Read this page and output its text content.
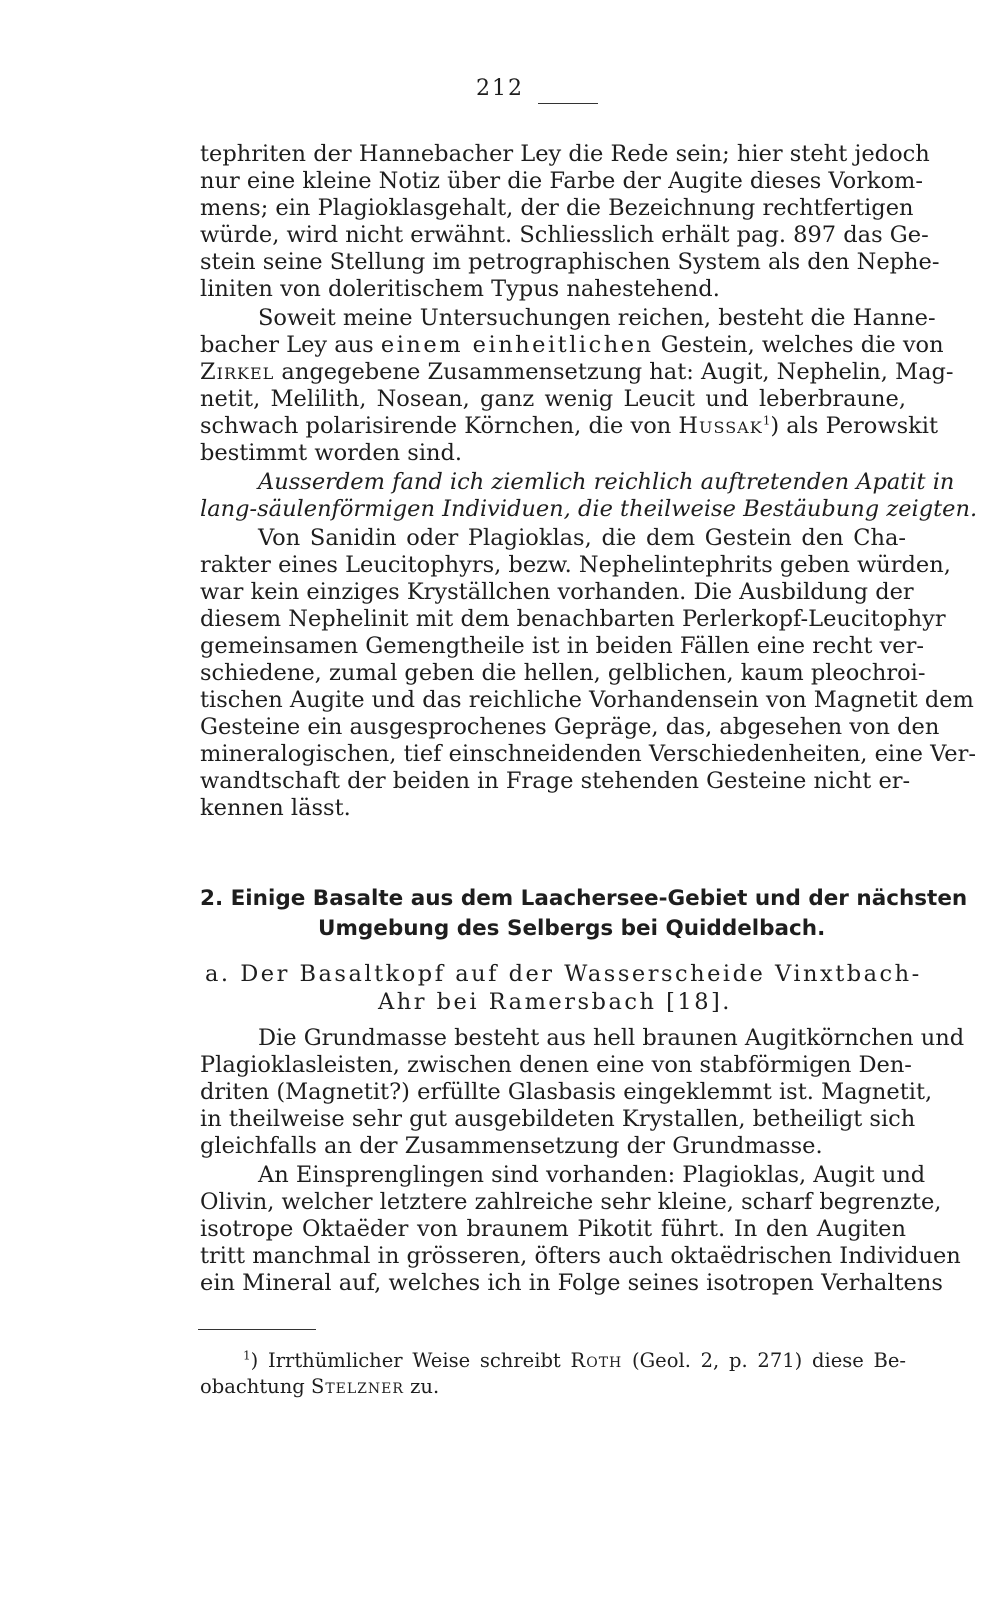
212
tephriten der Hannebacher Ley die Rede sein; hier steht jedoch
nur eine kleine Notiz über die Farbe der Augite dieses Vorkom-
mens; ein Plagioklasgehalt, der die Bezeichnung rechtfertigen
würde, wird nicht erwähnt. Schliesslich erhält pag. 897 das Ge-
stein seine Stellung im petrographischen System als den Nephe-
liniten von doleritischem Typus nahestehend.
Soweit meine Untersuchungen reichen, besteht die Hanne-
bacher Ley aus einem einheitlichen Gestein, welches die von
Zirkel angegebene Zusammensetzung hat: Augit, Nephelin, Mag-
netit, Melilith, Nosean, ganz wenig Leucit und leberbraune,
schwach polarisirende Körnchen, die von Hussak$^1$) als Perowskit
bestimmt worden sind.
Ausserdem fand ich ziemlich reichlich auftretenden Apatit in
lang-säulenförmigen Individuen, die theilweise Bestäubung zeigten.
Von Sanidin oder Plagioklas, die dem Gestein den Cha-
rakter eines Leucitophyrs, bezw. Nephelintephrits geben würden,
war kein einziges Kryställchen vorhanden. Die Ausbildung der
diesem Nephelinit mit dem benachbarten Perlerkopf-Leucitophyr
gemeinsamen Gemengtheile ist in beiden Fällen eine recht ver-
schiedene, zumal geben die hellen, gelblichen, kaum pleochroi-
tischen Augite und das reichliche Vorhandensein von Magnetit dem
Gesteine ein ausgesprochenes Gepräge, das, abgesehen von den
mineralogischen, tief einschneidenden Verschiedenheiten, eine Ver-
wandtschaft der beiden in Frage stehenden Gesteine nicht er-
kennen lässt.
2. Einige Basalte aus dem Laachersee-Gebiet und der nächsten
Umgebung des Selbergs bei Quiddelbach.
a. Der Basaltkopf auf der Wasserscheide Vinxtbach-
Ahr bei Ramersbach [18].
Die Grundmasse besteht aus hell braunen Augitkörnchen und
Plagioklasleisten, zwischen denen eine von stabförmigen Den-
driten (Magnetit?) erfüllte Glasbasis eingeklemmt ist. Magnetit,
in theilweise sehr gut ausgebildeten Krystallen, betheiligt sich
gleichfalls an der Zusammensetzung der Grundmasse.
An Einsprenglingen sind vorhanden: Plagioklas, Augit und
Olivin, welcher letztere zahlreiche sehr kleine, scharf begrenzte,
isotrope Oktaëder von braunem Pikotit führt. In den Augiten
tritt manchmal in grösseren, öfters auch oktaëdrischen Individuen
ein Mineral auf, welches ich in Folge seines isotropen Verhaltens
$^1$) Irrthümlicher Weise schreibt Roth (Geol. 2, p. 271) diese Be-
obachtung Stelzner zu.
